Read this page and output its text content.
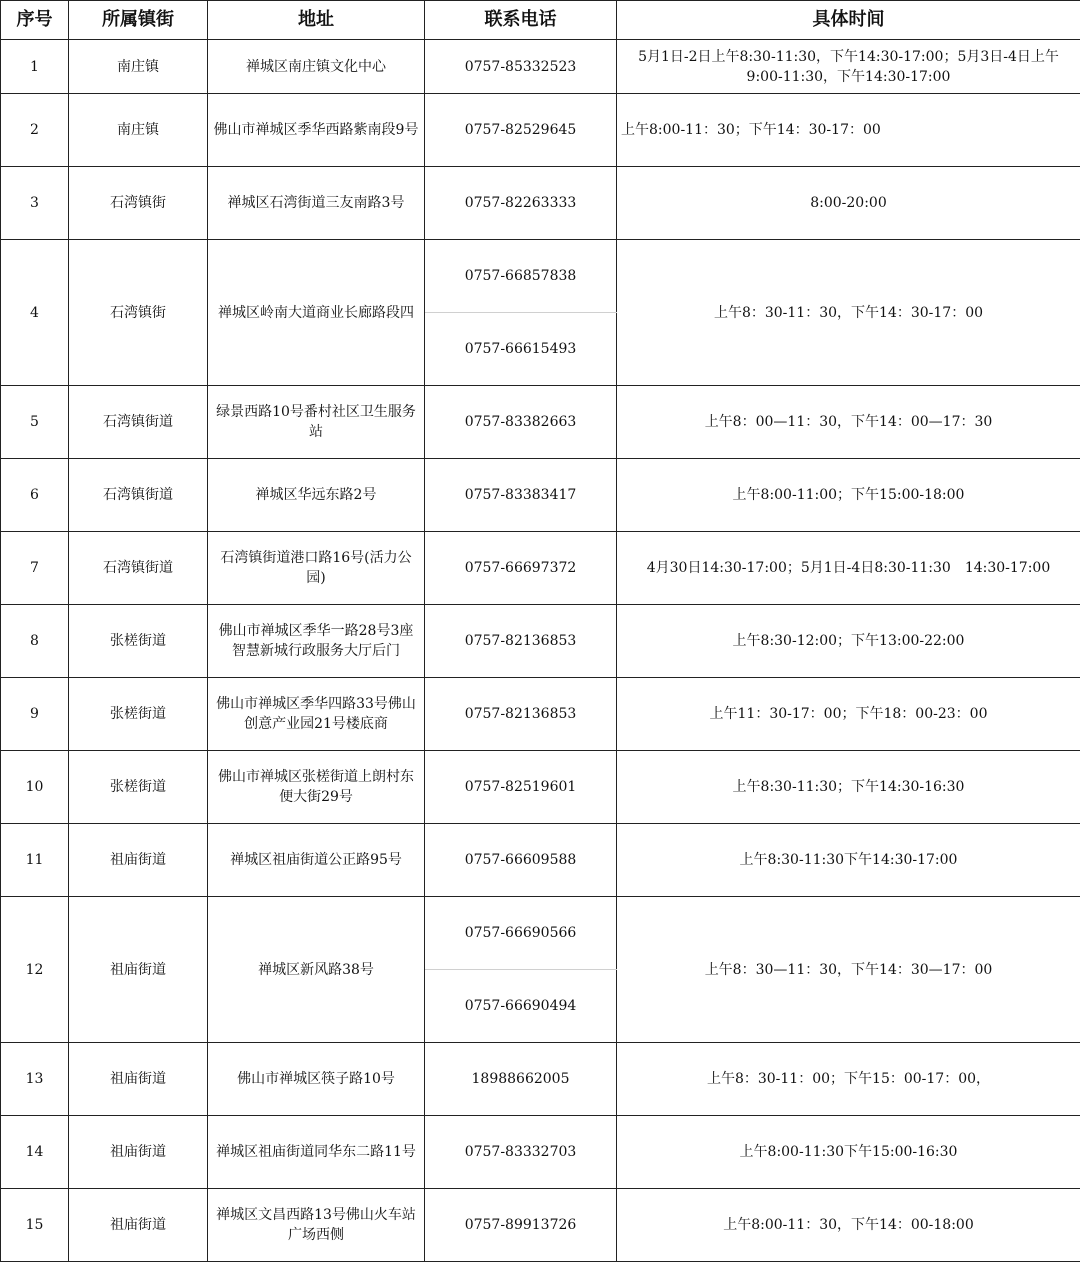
序号	所属镇街	地址	联系电话	具体时间
1	南庄镇	禅城区南庄镇文化中心	0757-85332523	5月1日-2日上午8:30-11:30，下午14:30-17:00；5月3日-4日上午9:00-11:30，下午14:30-17:00
2	南庄镇	佛山市禅城区季华西路紫南段9号	0757-82529645	上午8:00-11：30；下午14：30-17：00
3	石湾镇街	禅城区石湾街道三友南路3号	0757-82263333	8:00-20:00
4	石湾镇街	禅城区岭南大道商业长廊路段四	0757-66857838	上午8：30-11：30，下午14：30-17：00
			0757-66615493	
5	石湾镇街道	绿景西路10号番村社区卫生服务站	0757-83382663	上午8：00—11：30，下午14：00—17：30
6	石湾镇街道	禅城区华远东路2号	0757-83383417	上午8:00-11:00；下午15:00-18:00
7	石湾镇街道	石湾镇街道港口路16号(活力公园)	0757-66697372	4月30日14:30-17:00；5月1日-4日8:30-11:30　14:30-17:00
8	张槎街道	佛山市禅城区季华一路28号3座智慧新城行政服务大厅后门	0757-82136853	上午8:30-12:00；下午13:00-22:00
9	张槎街道	佛山市禅城区季华四路33号佛山创意产业园21号楼底商	0757-82136853	上午11：30-17：00；下午18：00-23：00
10	张槎街道	佛山市禅城区张槎街道上朗村东便大街29号	0757-82519601	上午8:30-11:30；下午14:30-16:30
11	祖庙街道	禅城区祖庙街道公正路95号	0757-66609588	上午8:30-11:30下午14:30-17:00
12	祖庙街道	禅城区新风路38号	0757-66690566	上午8：30—11：30，下午14：30—17：00
			0757-66690494	
13	祖庙街道	佛山市禅城区筷子路10号	18988662005	上午8：30-11：00；下午15：00-17：00，
14	祖庙街道	禅城区祖庙街道同华东二路11号	0757-83332703	上午8:00-11:30下午15:00-16:30
15	祖庙街道	禅城区文昌西路13号佛山火车站广场西侧	0757-89913726	上午8:00-11：30，下午14：00-18:00
